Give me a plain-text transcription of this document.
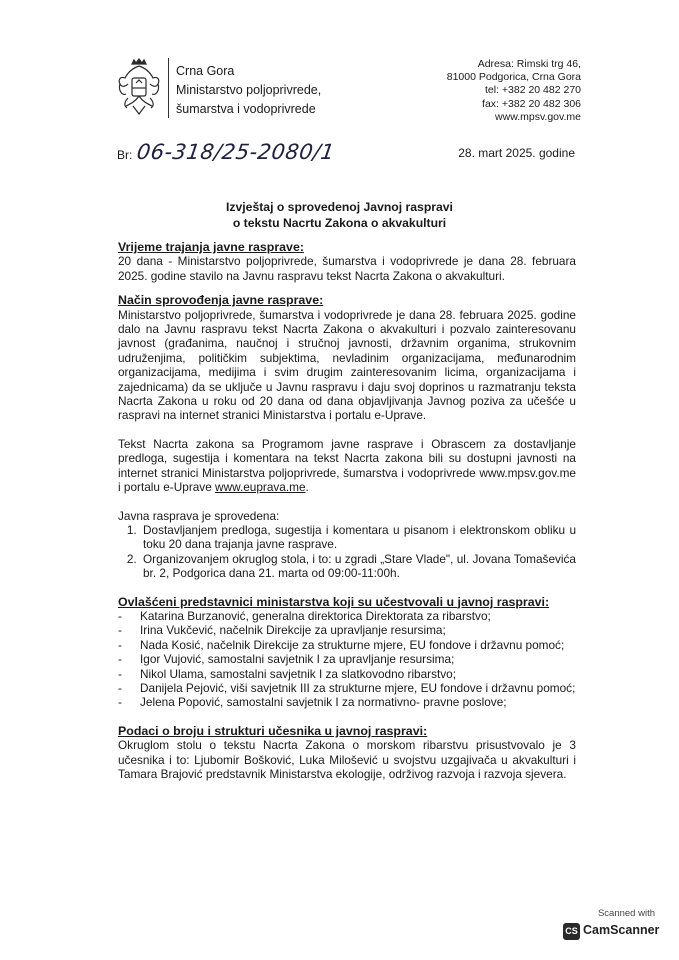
Crna Gora
Ministarstvo poljoprivrede,
šumarstva i vodoprivrede
Adresa: Rimski trg 46,
81000 Podgorica, Crna Gora
tel: +382 20 482 270
fax: +382 20 482 306
www.mpsv.gov.me
Br: 06-318/25-2080/1	28. mart 2025. godine
Izvještaj o sprovedenoj Javnoj raspravi
o tekstu Nacrtu Zakona o akvakulturi

Vrijeme trajanja javne rasprave:

20 dana - Ministarstvo poljoprivrede, šumarstva i vodoprivrede je dana 28. februara 2025. godine stavilo na Javnu raspravu tekst Nacrta Zakona o akvakulturi.

Način sprovođenja javne rasprave:

Ministarstvo poljoprivrede, šumarstva i vodoprivrede je dana 28. februara 2025. godine dalo na Javnu raspravu tekst Nacrta Zakona o akvakulturi i pozvalo zainteresovanu javnost (građanima, naučnoj i stručnoj javnosti, državnim organima, strukovnim udruženjima, političkim subjektima, nevladinim organizacijama, međunarodnim organizacijama, medijima i svim drugim zainteresovanim licima, organizacijama i zajednicama) da se uključe u Javnu raspravu i daju svoj doprinos u razmatranju teksta Nacrta Zakona u roku od 20 dana od dana objavljivanja Javnog poziva za učešće u raspravi na internet stranici Ministarstva i portalu e-Uprave.

Tekst Nacrta zakona sa Programom javne rasprave i Obrascem za dostavljanje predloga, sugestija i komentara na tekst Nacrta zakona bili su dostupni javnosti na internet stranici Ministarstva poljoprivrede, šumarstva i vodoprivrede www.mpsv.gov.me i portalu e-Uprave www.euprava.me.

Javna rasprava je sprovedena:

1. Dostavljanjem predloga, sugestija i komentara u pisanom i elektronskom obliku u toku 20 dana trajanja javne rasprave.
2. Organizovanjem okruglog stola, i to: u zgradi „Stare Vlade", ul. Jovana Tomaševića br. 2, Podgorica dana 21. marta od 09:00-11:00h.

Ovlašćeni predstavnici ministarstva koji su učestvovali u javnoj raspravi:

- Katarina Burzanović, generalna direktorica Direktorata za ribarstvo;
- Irina Vukčević, načelnik Direkcije za upravljanje resursima;
- Nada Kosić, načelnik Direkcije za strukturne mjere, EU fondove i državnu pomoć;
- Igor Vujović, samostalni savjetnik I za upravljanje resursima;
- Nikol Ulama, samostalni savjetnik I za slatkovodno ribarstvo;
- Danijela Pejović, viši savjetnik III za strukturne mjere, EU fondove i državnu pomoć;
- Jelena Popović, samostalni savjetnik I za normativno- pravne poslove;

Podaci o broju i strukturi učesnika u javnoj raspravi:

Okruglom stolu o tekstu Nacrta Zakona o morskom ribarstvu prisustvovalo je 3 učesnika i to: Ljubomir Bošković, Luka Milošević u svojstvu uzgajivača u akvakulturi i Tamara Brajović predstavnik Ministarstva ekologije, održivog razvoja i razvoja sjevera.

Scanned with
CS CamScanner
